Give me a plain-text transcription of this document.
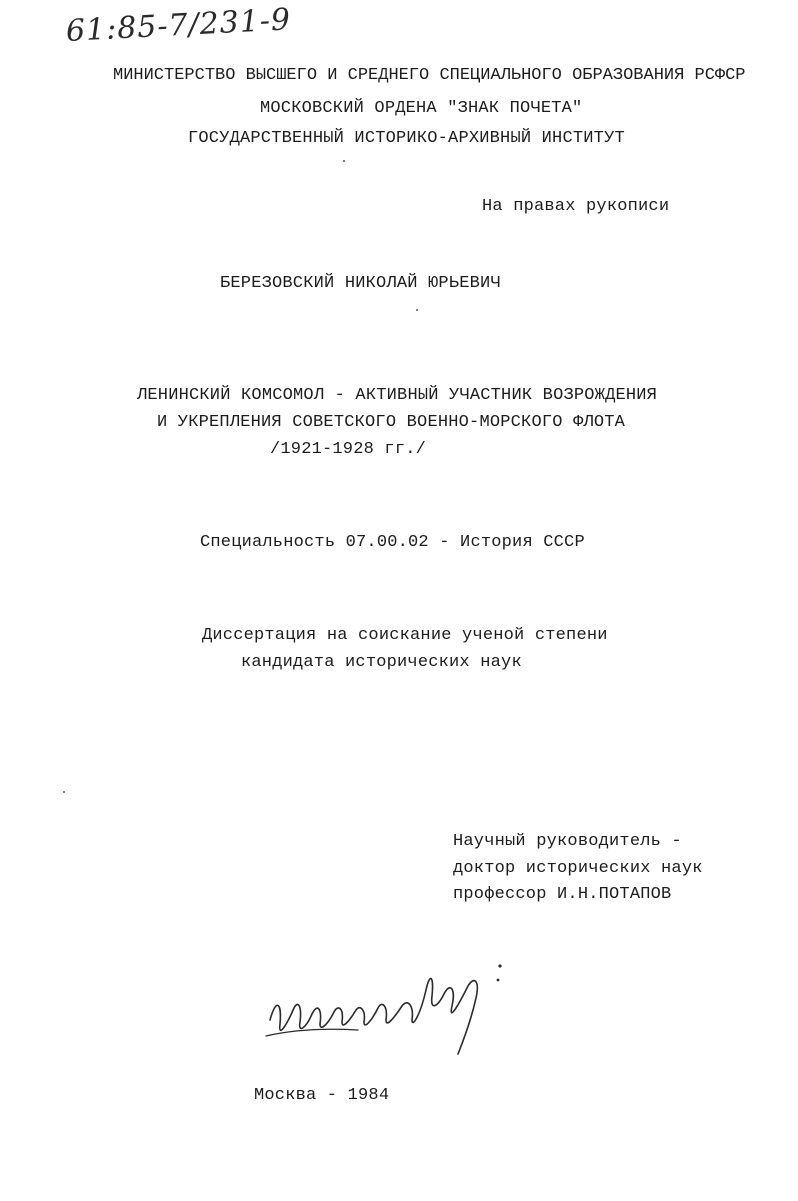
61:85-7/231-9
МИНИСТЕРСТВО ВЫСШЕГО И СРЕДНЕГО СПЕЦИАЛЬНОГО ОБРАЗОВАНИЯ РСФСР
МОСКОВСКИЙ ОРДЕНА "ЗНАК ПОЧЕТА"
ГОСУДАРСТВЕННЫЙ ИСТОРИКО-АРХИВНЫЙ ИНСТИТУТ
На правах рукописи
БЕРЕЗОВСКИЙ НИКОЛАЙ ЮРЬЕВИЧ
ЛЕНИНСКИЙ КОМСОМОЛ - АКТИВНЫЙ УЧАСТНИК ВОЗРОЖДЕНИЯ
И УКРЕПЛЕНИЯ СОВЕТСКОГО ВОЕННО-МОРСКОГО ФЛОТА
/1921-1928 гг./
Специальность 07.00.02 - История СССР
Диссертация на соискание ученой степени
кандидата исторических наук
Научный руководитель -
доктор исторических наук
профессор И.Н.ПОТАПОВ
Москва - 1984
